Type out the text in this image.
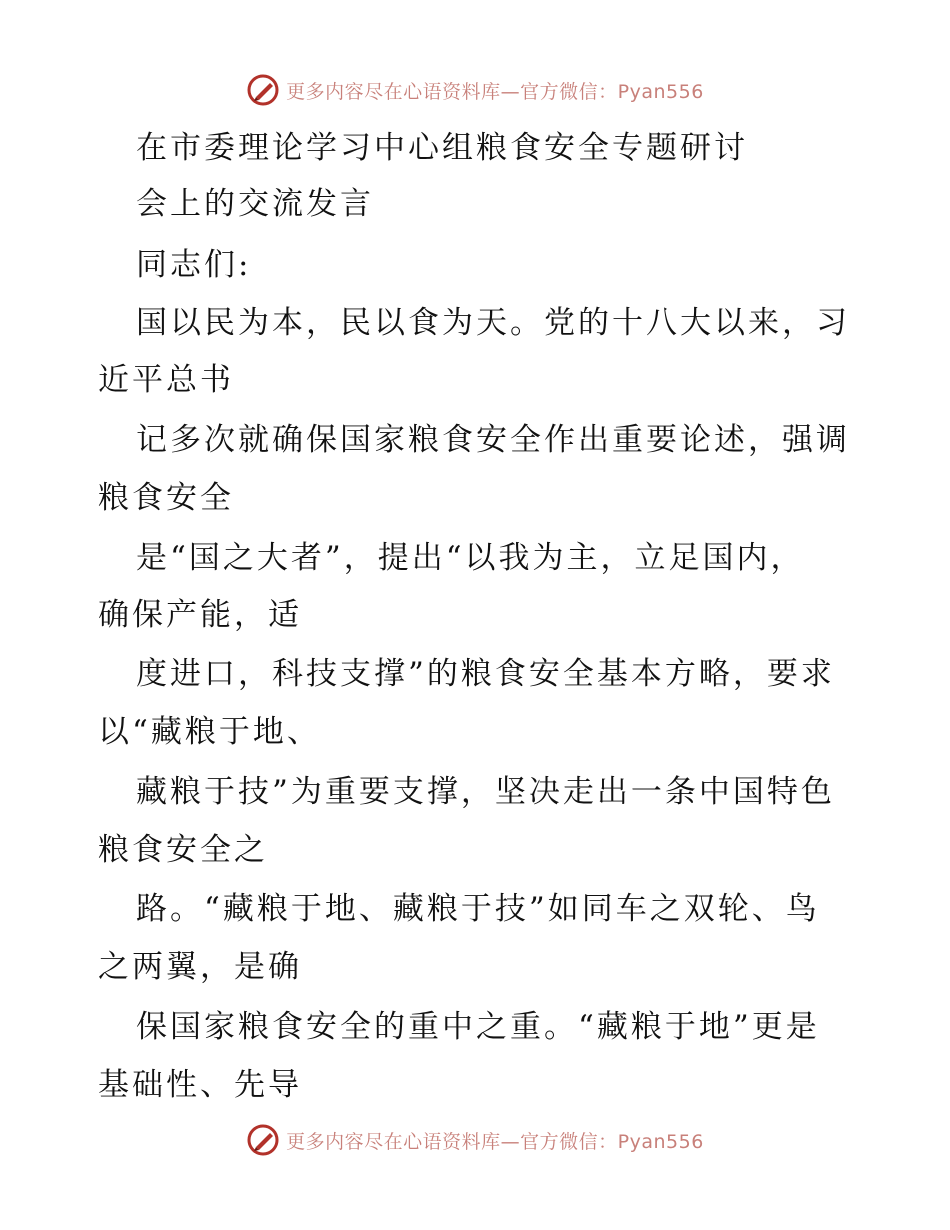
更多内容尽在心语资料库—官方微信：Pyan556
在市委理论学习中心组粮食安全专题研讨
会上的交流发言
同志们:
国以民为本，民以食为天。党的十八大以来，习
近平总书
记多次就确保国家粮食安全作出重要论述，强调
粮食安全
是“国之大者”，提出“以我为主，立足国内，
确保产能，适
度进口，科技支撑”的粮食安全基本方略，要求
以“藏粮于地、
藏粮于技”为重要支撑，坚决走出一条中国特色
粮食安全之
路。“藏粮于地、藏粮于技”如同车之双轮、鸟
之两翼，是确
保国家粮食安全的重中之重。“藏粮于地”更是
基础性、先导
更多内容尽在心语资料库—官方微信：Pyan556
